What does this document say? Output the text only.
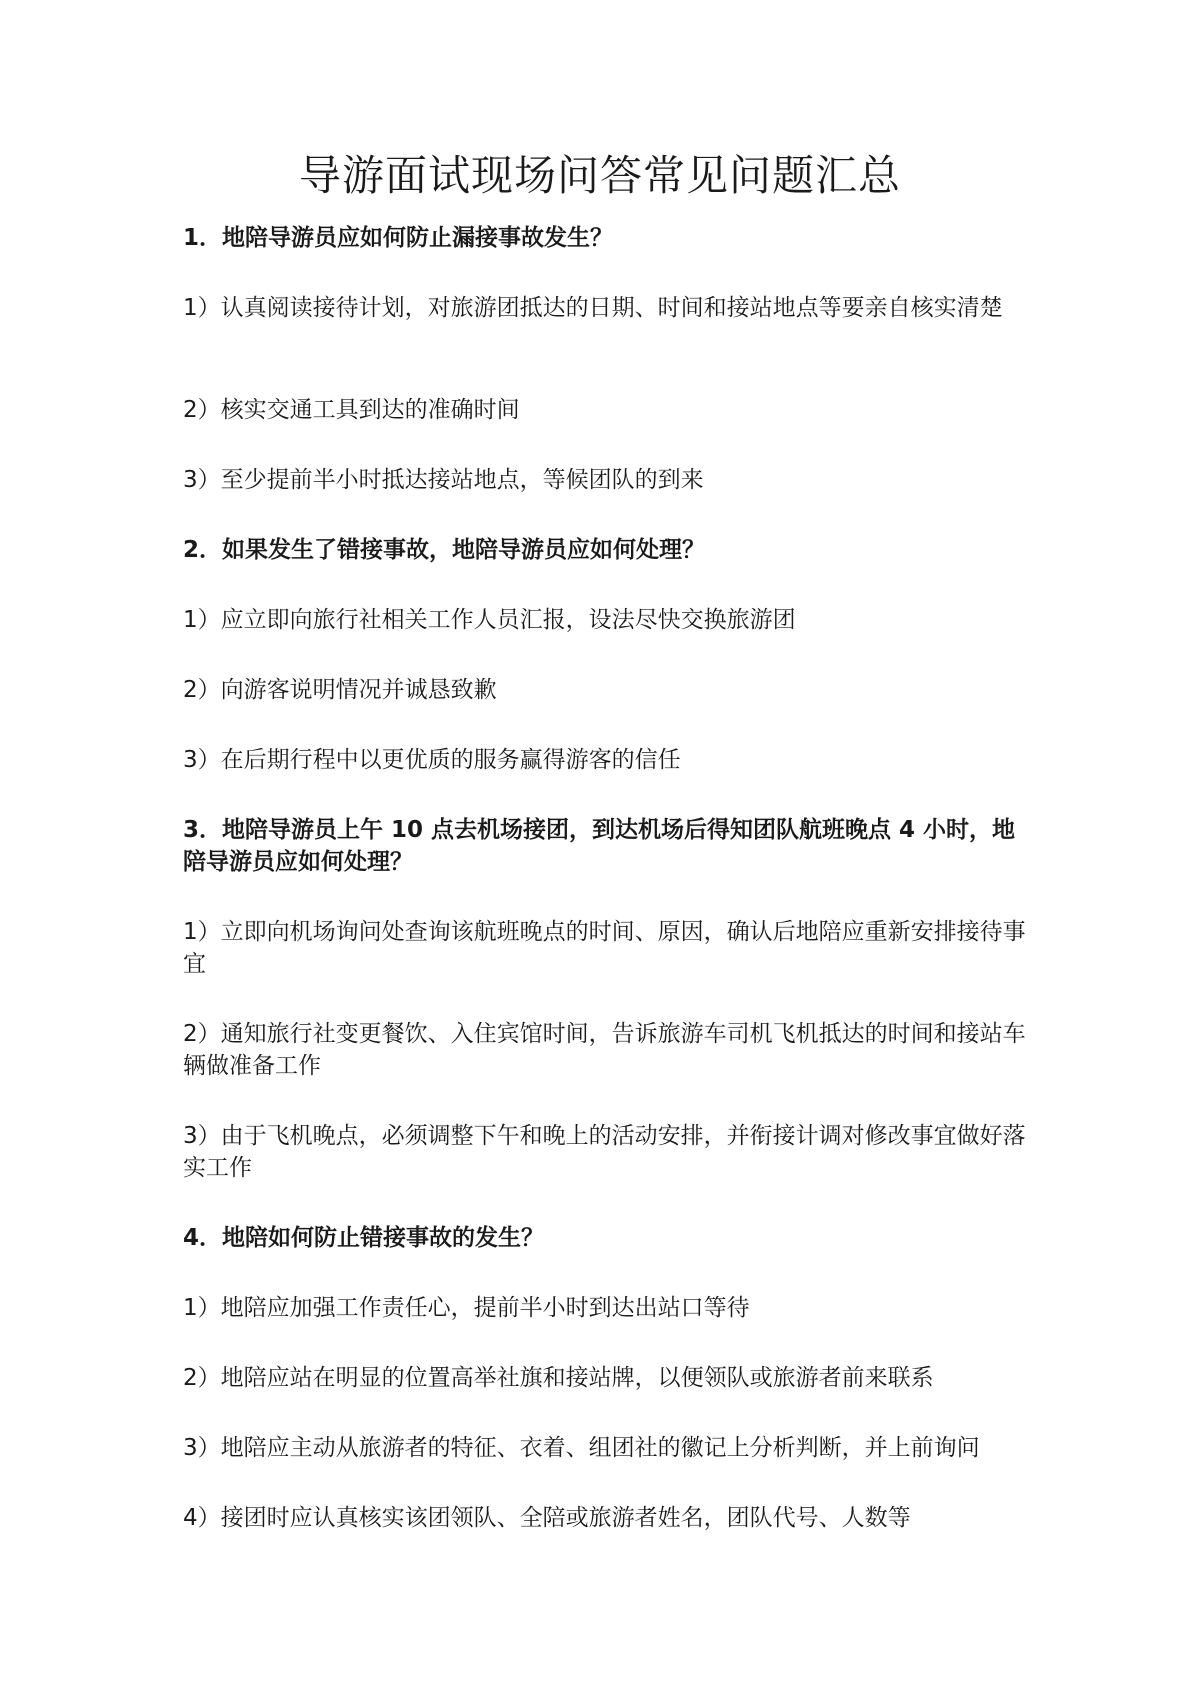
导游面试现场问答常见问题汇总

1．地陪导游员应如何防止漏接事故发生？

1）认真阅读接待计划，对旅游团抵达的日期、时间和接站地点等要亲自核实清楚

2）核实交通工具到达的准确时间

3）至少提前半小时抵达接站地点，等候团队的到来

2．如果发生了错接事故，地陪导游员应如何处理？

1）应立即向旅行社相关工作人员汇报，设法尽快交换旅游团

2）向游客说明情况并诚恳致歉

3）在后期行程中以更优质的服务赢得游客的信任

3．地陪导游员上午 10 点去机场接团，到达机场后得知团队航班晚点 4 小时，地陪导游员应如何处理？

1）立即向机场询问处查询该航班晚点的时间、原因，确认后地陪应重新安排接待事宜

2）通知旅行社变更餐饮、入住宾馆时间，告诉旅游车司机飞机抵达的时间和接站车辆做准备工作

3）由于飞机晚点，必须调整下午和晚上的活动安排，并衔接计调对修改事宜做好落实工作

4．地陪如何防止错接事故的发生？

1）地陪应加强工作责任心，提前半小时到达出站口等待

2）地陪应站在明显的位置高举社旗和接站牌，以便领队或旅游者前来联系

3）地陪应主动从旅游者的特征、衣着、组团社的徽记上分析判断，并上前询问

4）接团时应认真核实该团领队、全陪或旅游者姓名，团队代号、人数等
